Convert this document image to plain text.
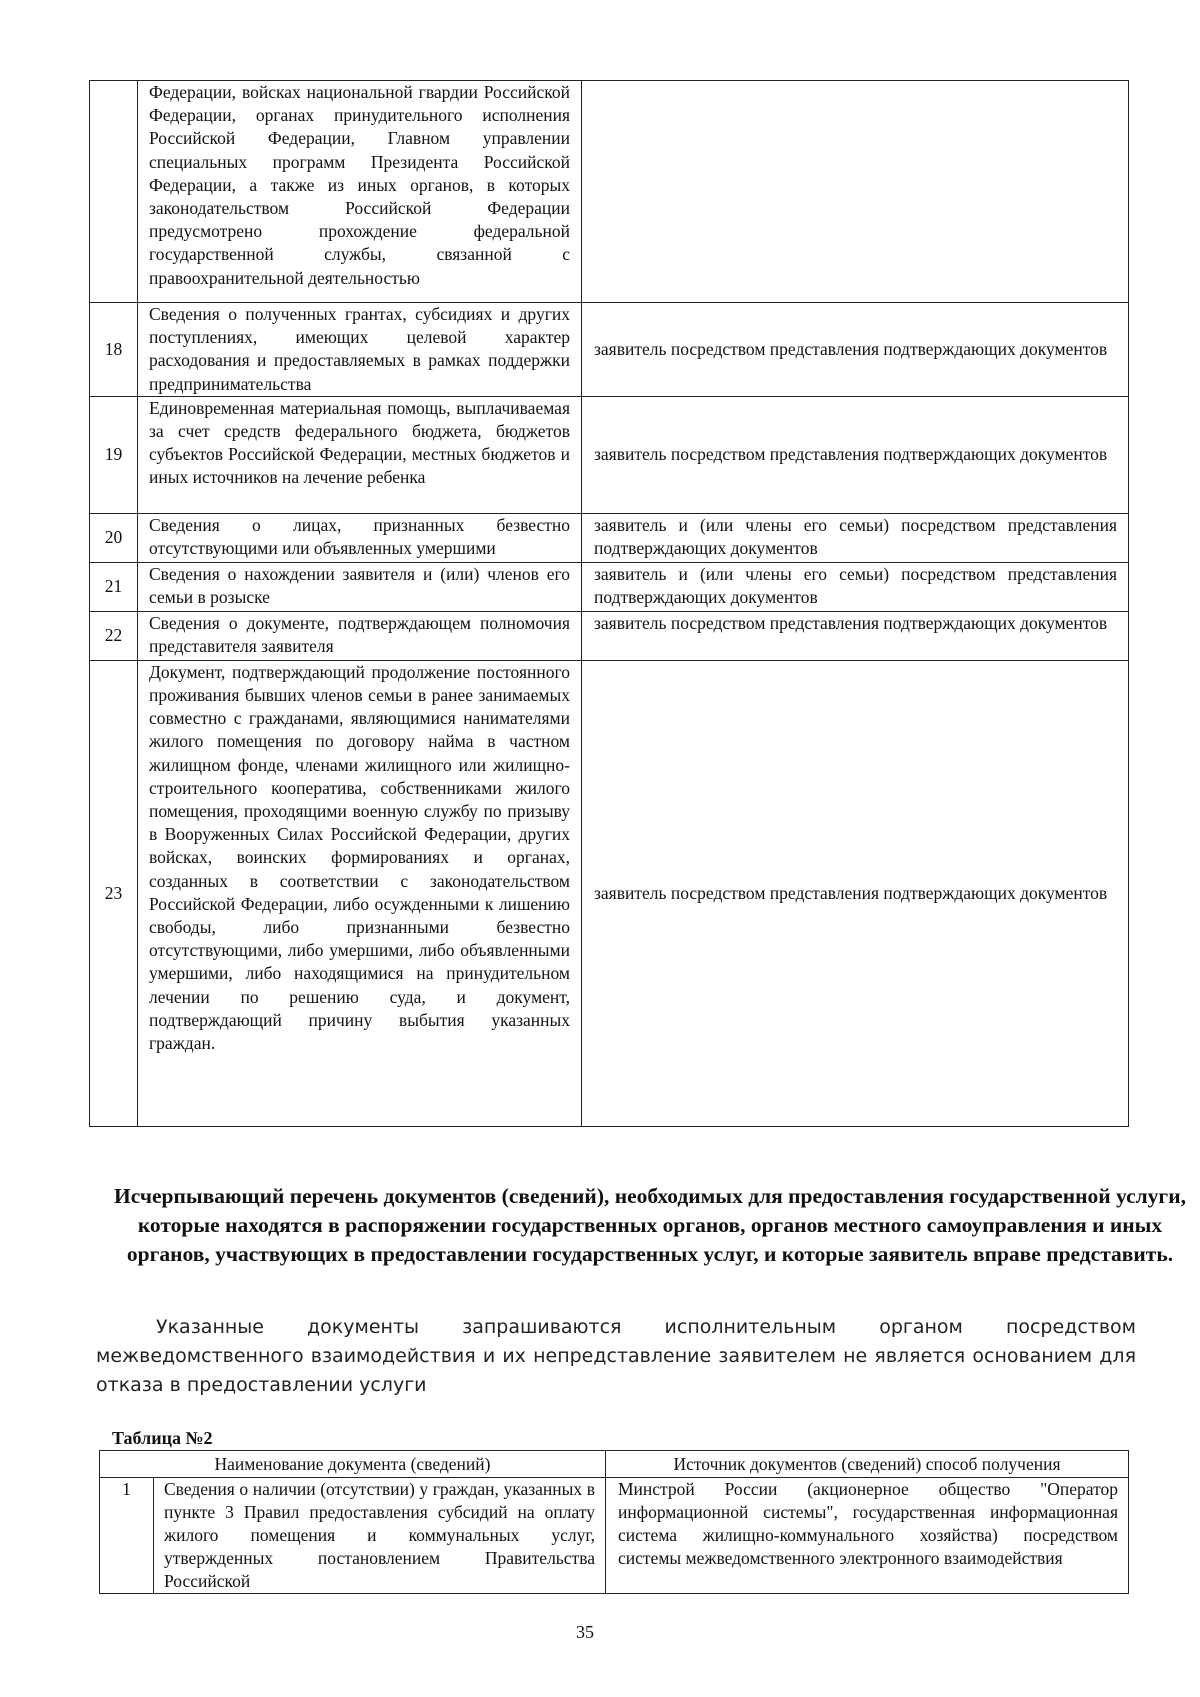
	Федерации, войсках национальной гвардии Российской Федерации, органах принудительного исполнения Российской Федерации, Главном управлении специальных программ Президента Российской Федерации, а также из иных органов, в которых законодательством Российской Федерации предусмотрено прохождение федеральной государственной службы, связанной с правоохранительной деятельностью	
18	Сведения о полученных грантах, субсидиях и других поступлениях, имеющих целевой характер расходования и предоставляемых в рамках поддержки предпринимательства	заявитель посредством представления подтверждающих документов
19	Единовременная материальная помощь, выплачиваемая за счет средств федерального бюджета, бюджетов субъектов Российской Федерации, местных бюджетов и иных источников на лечение ребенка	заявитель посредством представления подтверждающих документов
20	Сведения о лицах, признанных безвестно отсутствующими или объявленных умершими	заявитель и (или члены его семьи) посредством представления подтверждающих документов
21	Сведения о нахождении заявителя и (или) членов его семьи в розыске	заявитель и (или члены его семьи) посредством представления подтверждающих документов
22	Сведения о документе, подтверждающем полномочия представителя заявителя	заявитель посредством представления подтверждающих документов
23	Документ, подтверждающий продолжение постоянного проживания бывших членов семьи в ранее занимаемых совместно с гражданами, являющимися нанимателями жилого помещения по договору найма в частном жилищном фонде, членами жилищного или жилищно-строительного кооператива, собственниками жилого помещения, проходящими военную службу по призыву в Вооруженных Силах Российской Федерации, других войсках, воинских формированиях и органах, созданных в соответствии с законодательством Российской Федерации, либо осужденными к лишению свободы, либо признанными безвестно отсутствующими, либо умершими, либо объявленными умершими, либо находящимися на принудительном лечении по решению суда, и документ, подтверждающий причину выбытия указанных граждан.	заявитель посредством представления подтверждающих документов
Исчерпывающий перечень документов (сведений), необходимых для предоставления государственной услуги, которые находятся в распоряжении государственных органов, органов местного самоуправления и иных органов, участвующих в предоставлении государственных услуг, и которые заявитель вправе представить.
Указанные документы запрашиваются исполнительным органом посредством межведомственного взаимодействия и их непредставление заявителем не является основанием для отказа в предоставлении услуги
Таблица №2
Наименование документа (сведений)		Источник документов (сведений) способ получения
1	Сведения о наличии (отсутствии) у граждан, указанных в пункте 3 Правил предоставления субсидий на оплату жилого помещения и коммунальных услуг, утвержденных постановлением Правительства Российской	Минстрой России (акционерное общество "Оператор информационной системы", государственная информационная система жилищно-коммунального хозяйства) посредством системы межведомственного электронного взаимодействия
35
